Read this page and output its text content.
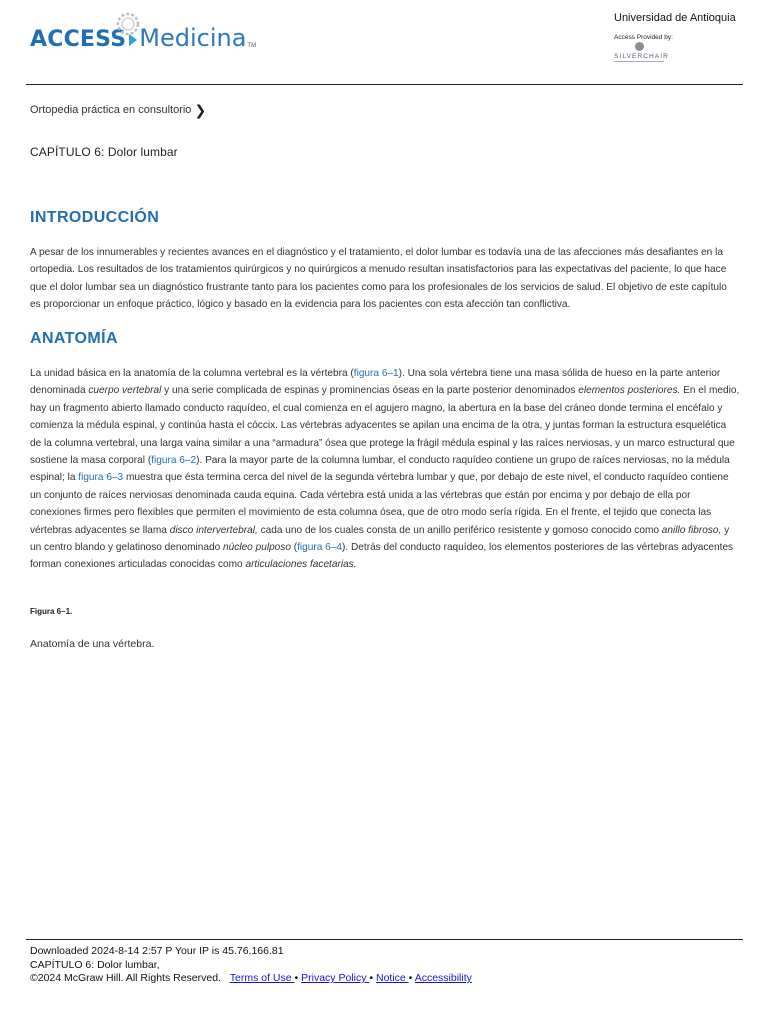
ACCESS Medicina TM
Universidad de Antioquia
Access Provided by:
SILVERCHAIR
Ortopedia práctica en consultorio ❯
CAPÍTULO 6: Dolor lumbar
INTRODUCCIÓN
A pesar de los innumerables y recientes avances en el diagnóstico y el tratamiento, el dolor lumbar es todavía una de las afecciones más desafiantes en la ortopedia. Los resultados de los tratamientos quirúrgicos y no quirúrgicos a menudo resultan insatisfactorios para las expectativas del paciente, lo que hace que el dolor lumbar sea un diagnóstico frustrante tanto para los pacientes como para los profesionales de los servicios de salud. El objetivo de este capítulo es proporcionar un enfoque práctico, lógico y basado en la evidencia para los pacientes con esta afección tan conflictiva.
ANATOMÍA
La unidad básica en la anatomía de la columna vertebral es la vértebra (figura 6–1). Una sola vértebra tiene una masa sólida de hueso en la parte anterior denominada cuerpo vertebral y una serie complicada de espinas y prominencias óseas en la parte posterior denominados elementos posteriores. En el medio, hay un fragmento abierto llamado conducto raquídeo, el cual comienza en el agujero magno, la abertura en la base del cráneo donde termina el encéfalo y comienza la médula espinal, y continúa hasta el cóccix. Las vértebras adyacentes se apilan una encima de la otra, y juntas forman la estructura esquelética de la columna vertebral, una larga vaina similar a una “armadura” ósea que protege la frágil médula espinal y las raíces nerviosas, y un marco estructural que sostiene la masa corporal (figura 6–2). Para la mayor parte de la columna lumbar, el conducto raquídeo contiene un grupo de raíces nerviosas, no la médula espinal; la figura 6–3 muestra que ésta termina cerca del nivel de la segunda vértebra lumbar y que, por debajo de este nivel, el conducto raquídeo contiene un conjunto de raíces nerviosas denominada cauda equina. Cada vértebra está unida a las vértebras que están por encima y por debajo de ella por conexiones firmes pero flexibles que permiten el movimiento de esta columna ósea, que de otro modo sería rígida. En el frente, el tejido que conecta las vértebras adyacentes se llama disco intervertebral, cada uno de los cuales consta de un anillo periférico resistente y gomoso conocido como anillo fibroso, y un centro blando y gelatinoso denominado núcleo pulposo (figura 6–4). Detrás del conducto raquídeo, los elementos posteriores de las vértebras adyacentes forman conexiones articuladas conocidas como articulaciones facetarias.
Figura 6–1.
Anatomía de una vértebra.
Downloaded 2024-8-14 2:57 P Your IP is 45.76.166.81
CAPÍTULO 6: Dolor lumbar,
©2024 McGraw Hill. All Rights Reserved. Terms of Use • Privacy Policy • Notice • Accessibility
